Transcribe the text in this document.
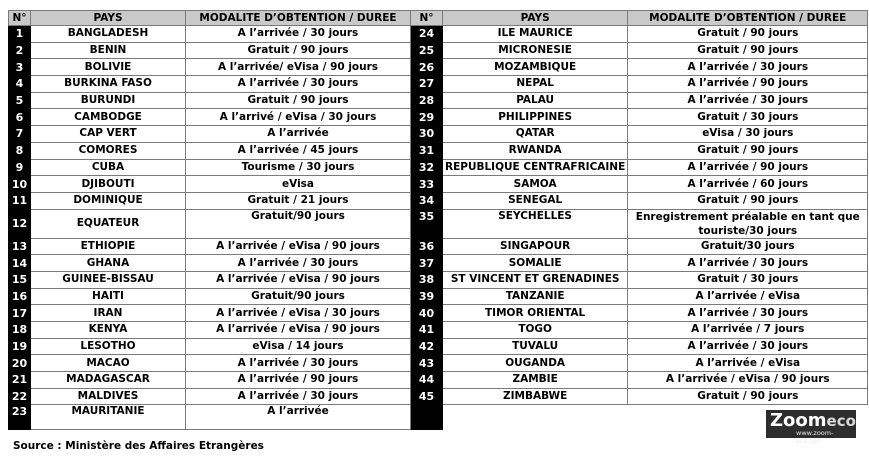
N°	PAYS	MODALITE D’OBTENTION / DUREE	N°	PAYS	MODALITE D’OBTENTION / DUREE
1	BANGLADESH	A l’arrivée / 30 jours	24	ILE MAURICE	Gratuit / 90 jours
2	BENIN	Gratuit / 90 jours	25	MICRONESIE	Gratuit / 90 jours
3	BOLIVIE	A l’arrivée/ eVisa / 90 jours	26	MOZAMBIQUE	A l’arrivée / 30 jours
4	BURKINA FASO	A l’arrivée / 30 jours	27	NEPAL	A l’arrivée / 90 jours
5	BURUNDI	Gratuit / 90 jours	28	PALAU	A l’arrivée / 30 jours
6	CAMBODGE	A l’arrivé / eVisa / 30 jours	29	PHILIPPINES	Gratuit / 30 jours
7	CAP VERT	A l’arrivée	30	QATAR	eVisa / 30 jours
8	COMORES	A l’arrivée / 45 jours	31	RWANDA	Gratuit / 90 jours
9	CUBA	Tourisme / 30 jours	32	REPUBLIQUE CENTRAFRICAINE	A l’arrivée / 90 jours
10	DJIBOUTI	eVisa	33	SAMOA	A l’arrivée / 60 jours
11	DOMINIQUE	Gratuit / 21 jours	34	SENEGAL	Gratuit / 90 jours
12	EQUATEUR	Gratuit/90 jours	35	SEYCHELLES	Enregistrement préalable en tant que touriste/30 jours
13	ETHIOPIE	A l’arrivée / eVisa / 90 jours	36	SINGAPOUR	Gratuit/30 jours
14	GHANA	A l’arrivée / 30 jours	37	SOMALIE	A l’arrivée / 30 jours
15	GUINEE-BISSAU	A l’arrivée / eVisa / 90 jours	38	ST VINCENT ET GRENADINES	Gratuit / 30 jours
16	HAITI	Gratuit/90 jours	39	TANZANIE	A l’arrivée / eVisa
17	IRAN	A l’arrivée / eVisa / 30 jours	40	TIMOR ORIENTAL	A l’arrivée / 30 jours
18	KENYA	A l’arrivée / eVisa / 90 jours	41	TOGO	A l’arrivée / 7 jours
19	LESOTHO	eVisa / 14 jours	42	TUVALU	A l’arrivée / 30 jours
20	MACAO	A l’arrivée / 30 jours	43	OUGANDA	A l’arrivée / eVisa
21	MADAGASCAR	A l’arrivée / 90 jours	44	ZAMBIE	A l’arrivée / eVisa / 90 jours
22	MALDIVES	A l’arrivée / 30 jours	45	ZIMBABWE	Gratuit / 90 jours
23	MAURITANIE	A l’arrivée			
Source : Ministère des Affaires Etrangères
Zoomeco
www.zoom-eco.net
